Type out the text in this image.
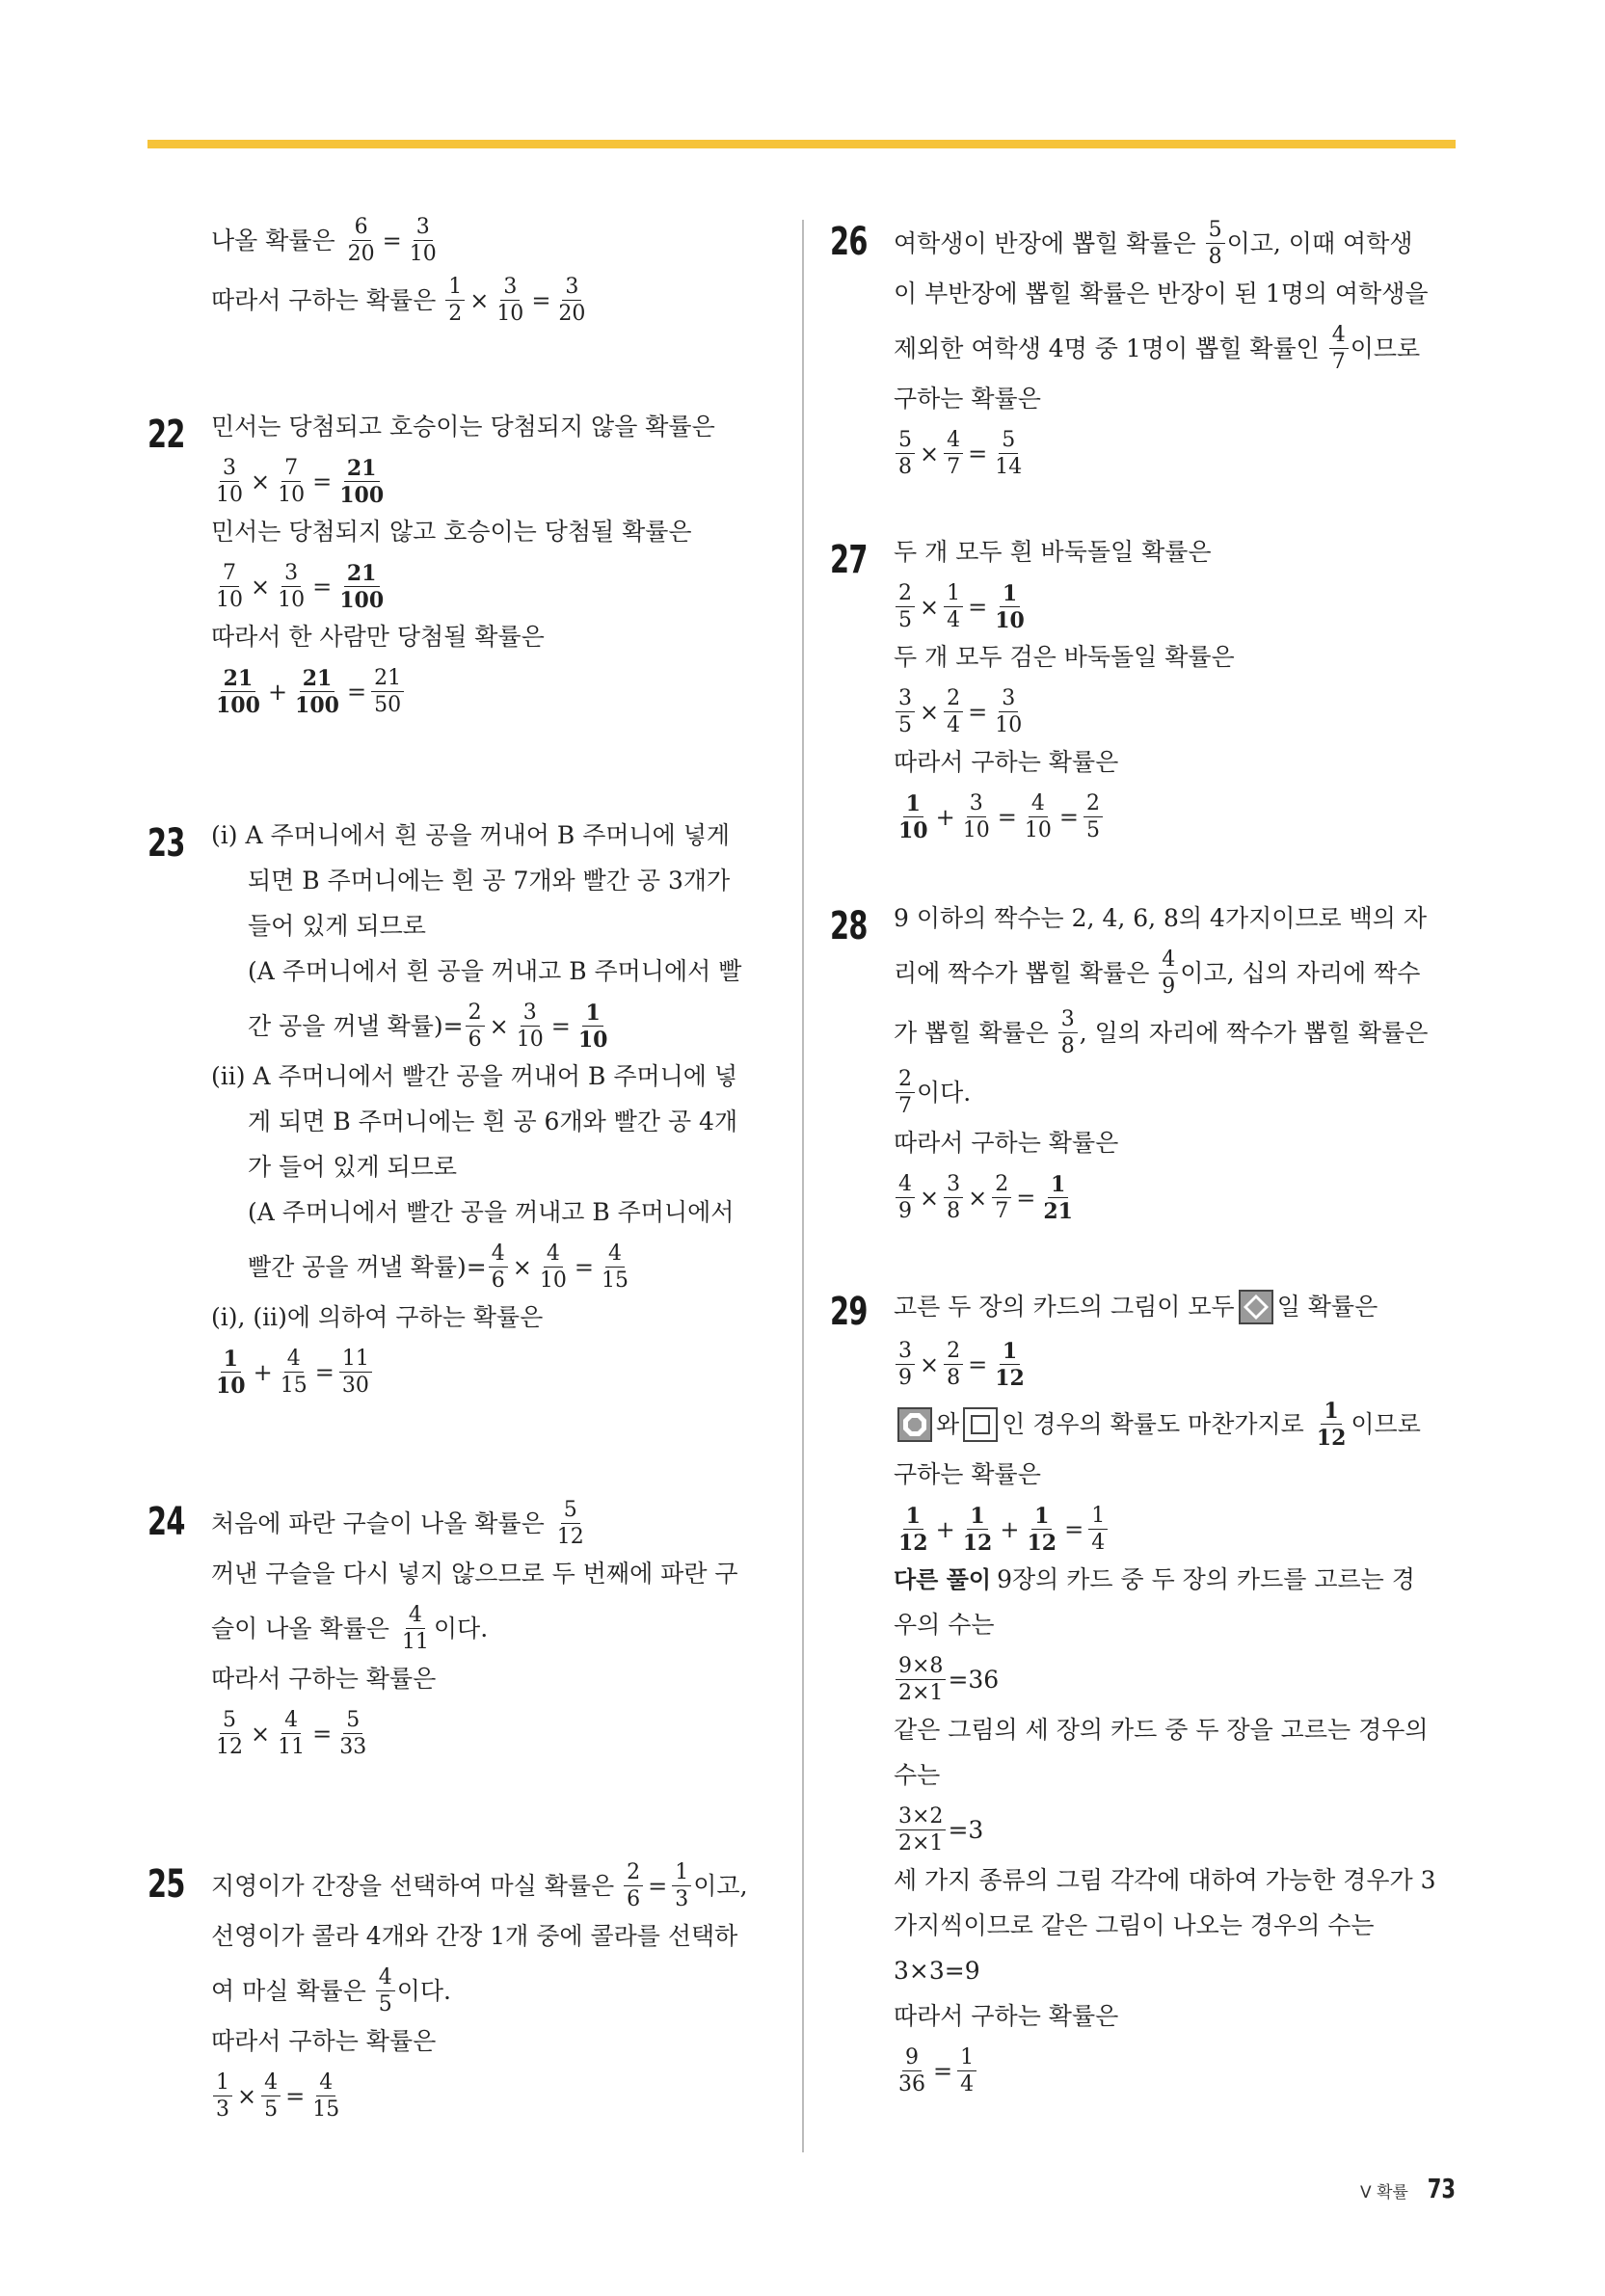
나올 확률은
$\frac{6}{20} = \frac{3}{10}$
따라서 구하는 확률은
$\frac{1}{2} \times \frac{3}{10} = \frac{3}{20}$
22 민서는 당첨되고 호승이는 당첨되지 않을 확률은
$\frac{3}{10} \times \frac{7}{10} = \frac{21}{100}$
민서는 당첨되지 않고 호승이는 당첨될 확률은
$\frac{7}{10} \times \frac{3}{10} = \frac{21}{100}$
따라서 한 사람만 당첨될 확률은
$\frac{21}{100} + \frac{21}{100} = \frac{21}{50}$
23 (i) A 주머니에서 흰 공을 꺼내어 B 주머니에 넣게
되면 B 주머니에는 흰 공 7개와 빨간 공 3개가
들어 있게 되므로
(A 주머니에서 흰 공을 꺼내고 B 주머니에서 빨
간 공을 꺼낼 확률)= $\frac{2}{6} \times \frac{3}{10} = \frac{1}{10}$
(ii) A 주머니에서 빨간 공을 꺼내어 B 주머니에 넣
게 되면 B 주머니에는 흰 공 6개와 빨간 공 4개
가 들어 있게 되므로
(A 주머니에서 빨간 공을 꺼내고 B 주머니에서
빨간 공을 꺼낼 확률)= $\frac{4}{6} \times \frac{4}{10} = \frac{4}{15}$
(i), (ii)에 의하여 구하는 확률은
$\frac{1}{10} + \frac{4}{15} = \frac{11}{30}$
24 처음에 파란 구슬이 나올 확률은
$\frac{5}{12}$
꺼낸 구슬을 다시 넣지 않으므로 두 번째에 파란 구
슬이 나올 확률은
$\frac{4}{11}$ 이다.
따라서 구하는 확률은
$\frac{5}{12} \times \frac{4}{11} = \frac{5}{33}$
25 지영이가 간장을 선택하여 마실 확률은
$\frac{2}{6} = \frac{1}{3}$ 이고,
선영이가 콜라 4개와 간장 1개 중에 콜라를 선택하
여 마실 확률은
$\frac{4}{5}$ 이다.
따라서 구하는 확률은
$\frac{1}{3} \times \frac{4}{5} = \frac{4}{15}$
26 여학생이 반장에 뽑힐 확률은
$\frac{5}{8}$ 이고, 이때 여학생
이 부반장에 뽑힐 확률은 반장이 된 1명의 여학생을
제외한 여학생 4명 중 1명이 뽑힐 확률인
$\frac{4}{7}$ 이므로
구하는 확률은
$\frac{5}{8} \times \frac{4}{7} = \frac{5}{14}$
27 두 개 모두 흰 바둑돌일 확률은
$\frac{2}{5} \times \frac{1}{4} = \frac{1}{10}$
두 개 모두 검은 바둑돌일 확률은
$\frac{3}{5} \times \frac{2}{4} = \frac{3}{10}$
따라서 구하는 확률은
$\frac{1}{10} + \frac{3}{10} = \frac{4}{10} = \frac{2}{5}$
28 9 이하의 짝수는 2, 4, 6, 8의 4가지이므로 백의 자
리에 짝수가 뽑힐 확률은
$\frac{4}{9}$ 이고, 십의 자리에 짝수
가 뽑힐 확률은
$\frac{3}{8}$ , 일의 자리에 짝수가 뽑힐 확률은
$\frac{2}{7}$ 이다.
따라서 구하는 확률은
$\frac{4}{9} \times \frac{3}{8} \times \frac{2}{7} = \frac{1}{21}$
29 고른 두 장의 카드의 그림이 모두 일 확률은
$\frac{3}{9} \times \frac{2}{8} = \frac{1}{12}$
와 인 경우의 확률도 마찬가지로
$\frac{1}{12}$ 이므로
구하는 확률은
$\frac{1}{12} + \frac{1}{12} + \frac{1}{12} = \frac{1}{4}$
다른 풀이 9장의 카드 중 두 장의 카드를 고르는 경
우의 수는
$\frac{9\times 8}{2\times 1} =36$
같은 그림의 세 장의 카드 중 두 장을 고르는 경우의
수는
$\frac{3\times 2}{2\times 1} =3$
세 가지 종류의 그림 각각에 대하여 가능한 경우가 3
가지씩이므로 같은 그림이 나오는 경우의 수는
3×3=9
따라서 구하는 확률은
$\frac{9}{36} = \frac{1}{4}$
Ⅴ 확률 73
